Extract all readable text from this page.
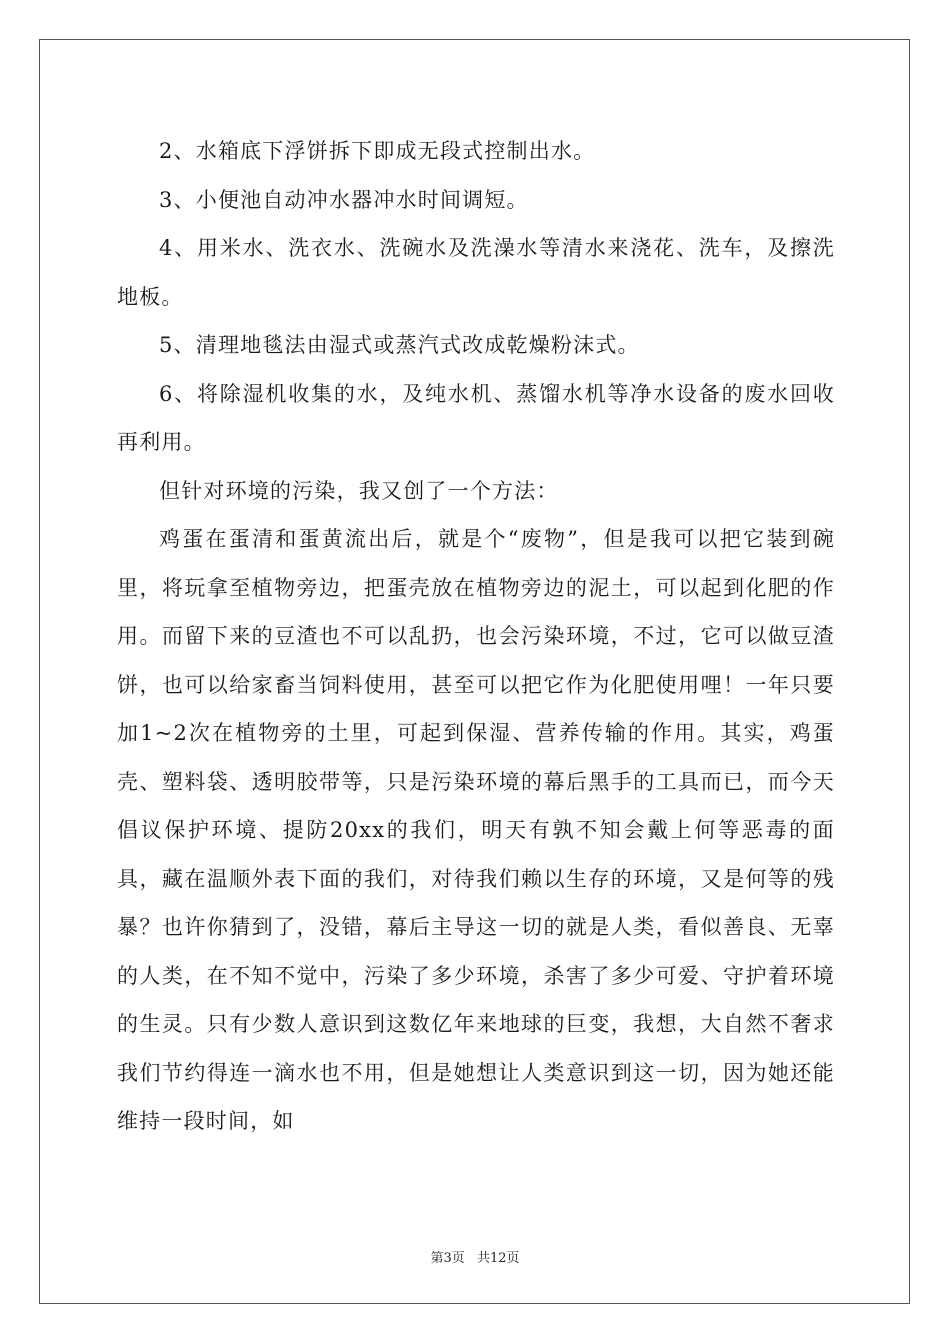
2、水箱底下浮饼拆下即成无段式控制出水。

3、小便池自动冲水器冲水时间调短。

4、用米水、洗衣水、洗碗水及洗澡水等清水来浇花、洗车，及擦洗地板。

5、清理地毯法由湿式或蒸汽式改成乾燥粉沫式。

6、将除湿机收集的水，及纯水机、蒸馏水机等净水设备的废水回收再利用。

但针对环境的污染，我又创了一个方法：

鸡蛋在蛋清和蛋黄流出后，就是个“废物”，但是我可以把它装到碗里，将玩拿至植物旁边，把蛋壳放在植物旁边的泥土，可以起到化肥的作用。而留下来的豆渣也不可以乱扔，也会污染环境，不过，它可以做豆渣饼，也可以给家畜当饲料使用，甚至可以把它作为化肥使用哩！一年只要加1~2次在植物旁的土里，可起到保湿、营养传输的作用。其实，鸡蛋壳、塑料袋、透明胶带等，只是污染环境的幕后黑手的工具而已，而今天倡议保护环境、提防20xx的我们，明天有孰不知会戴上何等恶毒的面具，藏在温顺外表下面的我们，对待我们赖以生存的环境，又是何等的残暴？也许你猜到了，没错，幕后主导这一切的就是人类，看似善良、无辜的人类，在不知不觉中，污染了多少环境，杀害了多少可爱、守护着环境的生灵。只有少数人意识到这数亿年来地球的巨变，我想，大自然不奢求我们节约得连一滴水也不用，但是她想让人类意识到这一切，因为她还能维持一段时间，如

第3页 共12页
